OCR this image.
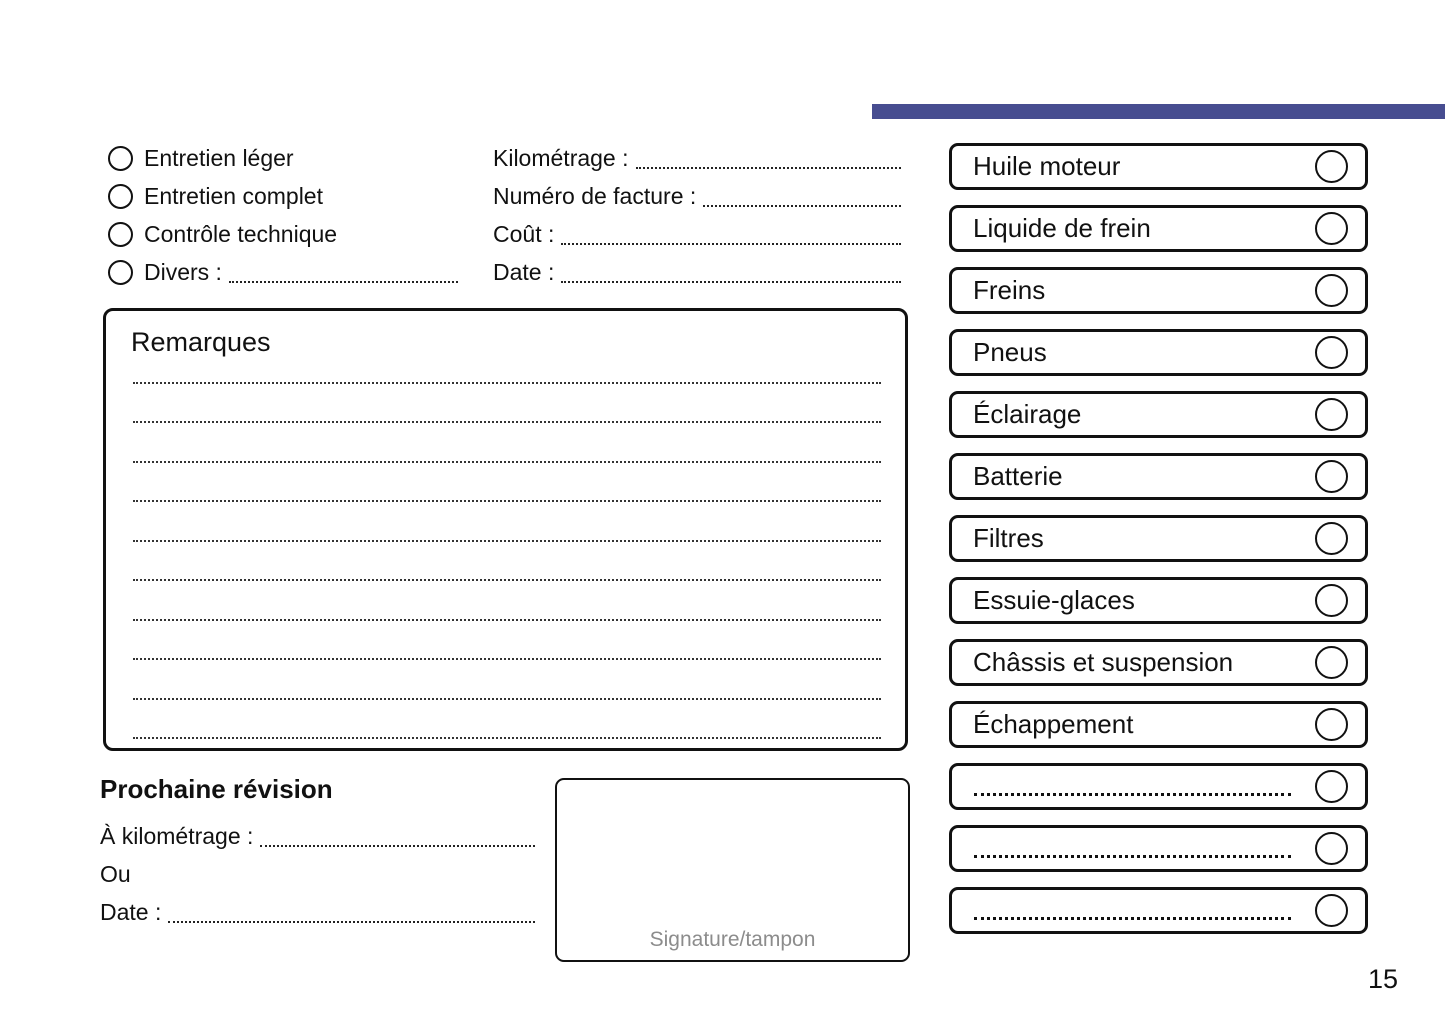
Entretien léger
Entretien complet
Contrôle technique
Divers :
Kilométrage :
Numéro de facture :
Coût :
Date :
Remarques
Prochaine révision
À kilométrage :
Ou
Date :
Signature/tampon
Huile moteur
Liquide de frein
Freins
Pneus
Éclairage
Batterie
Filtres
Essuie-glaces
Châssis et suspension
Échappement
15
